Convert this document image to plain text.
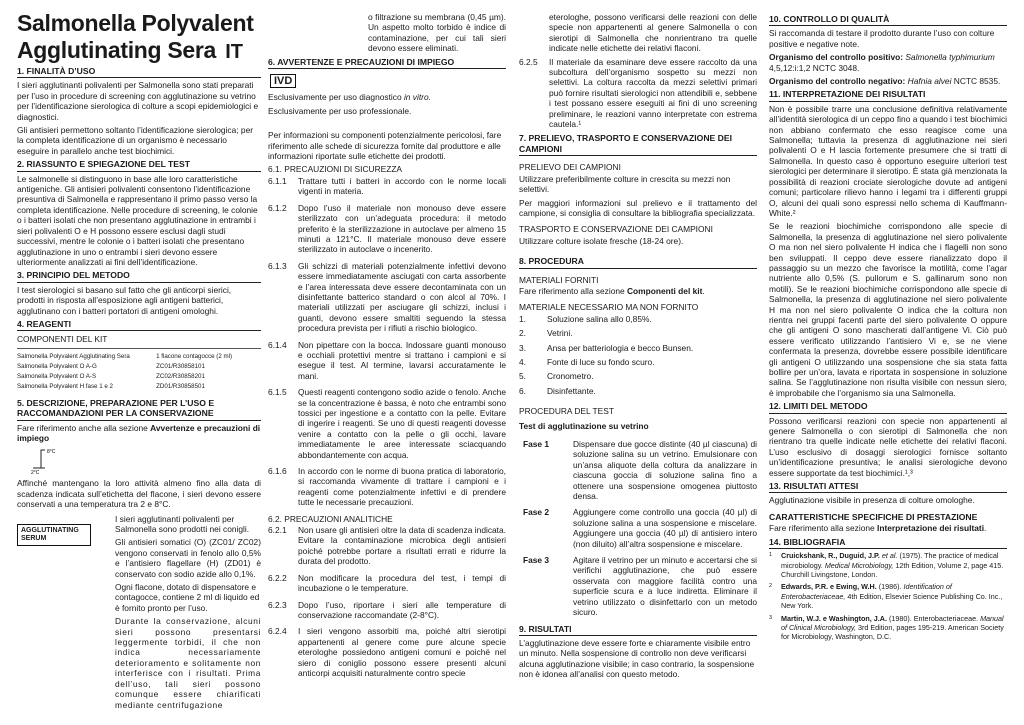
Salmonella Polyvalent
Agglutinating Sera IT
1. FINALITÀ D’USO

I sieri agglutinanti polivalenti per Salmonella sono stati preparati per l’uso in procedure di screening con agglutinazione su vetrino per l’identificazione sierologica di colture a scopi epidemiologici e diagnostici.

Gli antisieri permettono soltanto l’identificazione sierologica; per la completa identificazione di un organismo è necessario eseguire in parallelo anche test biochimici.

2. RIASSUNTO E SPIEGAZIONE DEL TEST

Le salmonelle si distinguono in base alle loro caratteristiche antigeniche. Gli antisieri polivalenti consentono l’identificazione presuntiva di Salmonella e rappresentano il primo passo verso la completa identificazione. Nelle procedure di screening, le colonie o i batteri isolati che non presentano agglutinazione in entrambi i sieri polivalenti O e H possono essere esclusi dagli studi successivi, mentre le colonie o i batteri isolati che presentano agglutinazione in uno o entrambi i sieri devono essere ulteriormente analizzati ai fini dell’identificazione.

3. PRINCIPIO DEL METODO

I test sierologici si basano sul fatto che gli anticorpi sierici, prodotti in risposta all’esposizione agli antigeni batterici, agglutinano con i batteri portatori di antigeni omologhi.

4. REAGENTI

COMPONENTI DEL KIT

Salmonella Polyvalent Agglutinating Sera	1 flacone contagocce (2 ml)
Salmonella Polyvalent O A-G	ZC01/R30858101
Salmonella Polyvalent O A-S	ZC02/R30858201
Salmonella Polyvalent H fase 1 e 2	ZD01/R30858501
5. DESCRIZIONE, PREPARAZIONE PER L’USO E RACCOMANDAZIONI PER LA CONSERVAZIONE

Fare riferimento anche alla sezione Avvertenze e precauzioni di impiego

8°C
2°C

Affinché mantengano la loro attività almeno fino alla data di scadenza indicata sull’etichetta del flacone, i sieri devono essere conservati a una temperatura tra 2 e 8°C.

AGGLUTINATING SERUM

I sieri agglutinanti polivalenti per Salmonella sono prodotti nei conigli.

Gli antisieri somatici (O) (ZC01/ ZC02) vengono conservati in fenolo allo 0,5% e l’antisiero flagellare (H) (ZD01) è conservato con sodio azide allo 0,1%.

Ogni flacone, dotato di dispensatore e contagocce, contiene 2 ml di liquido ed è fornito pronto per l’uso.

Durante la conservazione, alcuni sieri possono presentarsi leggermente torbidi, il che non indica necessariamente deterioramento e solitamente non interferisce con i risultati. Prima dell’uso, tali sieri possono comunque essere chiarificati mediante centrifugazione

o filtrazione su membrana (0,45 µm). Un aspetto molto torbido è indice di contaminazione, per cui tali sieri devono essere eliminati.

6. AVVERTENZE E PRECAUZIONI DI IMPIEGO
IVD

Esclusivamente per uso diagnostico in vitro.

Esclusivamente per uso professionale.

Per informazioni su componenti potenzialmente pericolosi, fare riferimento alle schede di sicurezza fornite dal produttore e alle informazioni riportate sulle etichette dei prodotti.

6.1. PRECAUZIONI DI SICUREZZA
6.1.1	Trattare tutti i batteri in accordo con le norme locali vigenti in materia.
6.1.2	Dopo l’uso il materiale non monouso deve essere sterilizzato con un’adeguata procedura: il metodo preferito è la sterilizzazione in autoclave per almeno 15 minuti a 121°C. Il materiale monouso deve essere sterilizzato in autoclave o incenerito.
6.1.3	Gli schizzi di materiali potenzialmente infettivi devono essere immediatamente asciugati con carta assorbente e l’area interessata deve essere decontaminata con un disinfettante batterico standard o con alcol al 70%. I materiali utilizzati per asciugare gli schizzi, inclusi i guanti, devono essere smaltiti seguendo la stessa procedura prevista per i rifiuti a rischio biologico.
6.1.4	Non pipettare con la bocca. Indossare guanti monouso e occhiali protettivi mentre si trattano i campioni e si esegue il test. Al termine, lavarsi accuratamente le mani.
6.1.5	Questi reagenti contengono sodio azide o fenolo. Anche se la concentrazione è bassa, è noto che entrambi sono tossici per ingestione e a contatto con la pelle. Evitare di ingerire i reagenti. Se uno di questi reagenti dovesse venire a contatto con la pelle o gli occhi, lavare immediatamente le aree interessate sciacquando abbondantemente con acqua.
6.1.6	In accordo con le norme di buona pratica di laboratorio, si raccomanda vivamente di trattare i campioni e i reagenti come potenzialmente infettivi e di prendere tutte le necessarie precauzioni.
6.2. PRECAUZIONI ANALITICHE
6.2.1	Non usare gli antisieri oltre la data di scadenza indicata. Evitare la contaminazione microbica degli antisieri poiché potrebbe portare a risultati errati e ridurre la durata del prodotto.
6.2.2	Non modificare la procedura del test, i tempi di incubazione o le temperature.
6.2.3	Dopo l’uso, riportare i sieri alle temperature di conservazione raccomandate (2-8°C).
6.2.4	I sieri vengono assorbiti ma, poiché altri sierotipi appartenenti al genere come pure alcune specie eterologhe possiedono antigeni comuni e poiché nel siero di coniglio possono essere presenti alcuni anticorpi acquisiti naturalmente contro specie

eterologhe, possono verificarsi delle reazioni con delle specie non appartenenti al genere Salmonella o con sierotipi di Salmonella che nonrientrano tra quelle indicate nelle etichette dei relativi flaconi.

6.2.5	Il materiale da esaminare deve essere raccolto da una subcoltura dell’organismo sospetto su mezzi non selettivi. La coltura raccolta da mezzi selettivi primari può fornire risultati sierologici non attendibili e, sebbene i test possano essere eseguiti ai fini di uno screening preliminare, le reazioni vanno interpretate con estrema cautela.¹
7. PRELIEVO, TRASPORTO E CONSERVAZIONE DEI CAMPIONI
PRELIEVO DEI CAMPIONI

Utilizzare preferibilmente colture in crescita su mezzi non selettivi.

Per maggiori informazioni sul prelievo e il trattamento del campione, si consiglia di consultare la bibliografia specializzata.

TRASPORTO E CONSERVAZIONE DEI CAMPIONI

Utilizzare colture isolate fresche (18-24 ore).

8. PROCEDURA
MATERIALI FORNITI

Fare riferimento alla sezione Componenti del kit.

MATERIALE NECESSARIO MA NON FORNITO
1.	Soluzione salina allo 0,85%.
2.	Vetrini.
3.	Ansa per batteriologia e becco Bunsen.
4.	Fonte di luce su fondo scuro.
5.	Cronometro.
6.	Disinfettante.
PROCEDURA DEL TEST

Test di agglutinazione su vetrino

Fase 1	Dispensare due gocce distinte (40 µl ciascuna) di soluzione salina su un vetrino. Emulsionare con un’ansa aliquote della coltura da analizzare in ciascuna goccia di soluzione salina fino a ottenere una sospensione omogenea piuttosto densa.
Fase 2	Aggiungere come controllo una goccia (40 µl) di soluzione salina a una sospensione e miscelare. Aggiungere una goccia (40 µl) di antisiero intero (non diluito) all’altra sospensione e miscelare.
Fase 3	Agitare il vetrino per un minuto e accertarsi che si verifichi agglutinazione, che può essere osservata con maggiore facilità contro una superficie scura e a luce indiretta. Eliminare il vetrino utilizzato o disinfettarlo con un metodo sicuro.
9. RISULTATI

L’agglutinazione deve essere forte e chiaramente visibile entro un minuto. Nella sospensione di controllo non deve verificarsi alcuna agglutinazione visibile; in caso contrario, la sospensione non è idonea all’analisi con questo metodo.

10. CONTROLLO DI QUALITÀ

Si raccomanda di testare il prodotto durante l’uso con colture positive e negative note.

Organismo del controllo positivo: Salmonella typhimurium 4,5,12:i:1,2 NCTC 3048.

Organismo del controllo negativo: Hafnia alvei NCTC 8535.

11. INTERPRETAZIONE DEI RISULTATI

Non è possibile trarre una conclusione definitiva relativamente all’identità sierologica di un ceppo fino a quando i test biochimici non abbiano confermato che esso reagisce come una Salmonella; tuttavia la presenza di agglutinazione nei sieri polivalenti O e H lascia fortemente presumere che si tratti di Salmonella. In questo caso è opportuno eseguire ulteriori test sierologici per determinare il sierotipo. È stata già menzionata la possibilità di reazioni crociate sierologiche dovute ad antigeni comuni; particolare rilievo hanno i legami tra i differenti gruppi O, alcuni dei quali sono espressi nello schema di Kauffmann-White.²

Se le reazioni biochimiche corrispondono alle specie di Salmonella, la presenza di agglutinazione nel siero polivalente O ma non nel siero polivalente H indica che i flagelli non sono ben sviluppati. Il ceppo deve essere rianalizzato dopo il passaggio su un mezzo che favorisce la motilità, come l’agar nutriente allo 0,5% (S. pullorum e S. gallinarum sono non motili). Se le reazioni biochimiche corrispondono alle specie di Salmonella, la presenza di agglutinazione nel siero polivalente H ma non nel siero polivalente O indica che la coltura non rientra nei gruppi facenti parte del siero polivalente O oppure che gli antigeni O sono mascherati dall’antigene Vi. Ciò può essere verificato utilizzando l’antisiero Vi e, se ne viene confermata la presenza, dovrebbe essere possibile identificare gli antigeni O utilizzando una sospensione che sia stata fatta bollire per un’ora, lavata e riportata in sospensione in soluzione salina. Se l’agglutinazione non risulta visibile con nessun siero, è improbabile che l’organismo sia una Salmonella.

12. LIMITI DEL METODO

Possono verificarsi reazioni con specie non appartenenti al genere Salmonella o con sierotipi di Salmonella che non rientrano tra quelle indicate nelle etichette dei relativi flaconi. L’uso esclusivo di dosaggi sierologici fornisce soltanto un’identificazione presuntiva; le analisi sierologiche devono essere supportate da test biochimici.¹,³

13. RISULTATI ATTESI

Agglutinazione visibile in presenza di colture omologhe.

CARATTERISTICHE SPECIFICHE DI PRESTAZIONE

Fare riferimento alla sezione Interpretazione dei risultati.

14. BIBLIOGRAFIA

1	Cruickshank, R., Duguid, J.P. et al. (1975). The practice of medical microbiology. Medical Microbiology, 12th Edition, Volume 2, page 415. Churchill Livingstone, London.

2	Edwards, P.R. e Ewing, W.H. (1986). Identification of Enterobacteriaceae, 4th Edition, Elsevier Science Publishing Co. Inc., New York.

3	Martin, W.J. e Washington, J.A. (1980). Enterobacteriaceae. Manual of Clinical Microbiology, 3rd Edition, pages 195-219. American Society for Microbiology, Washington, D.C.
